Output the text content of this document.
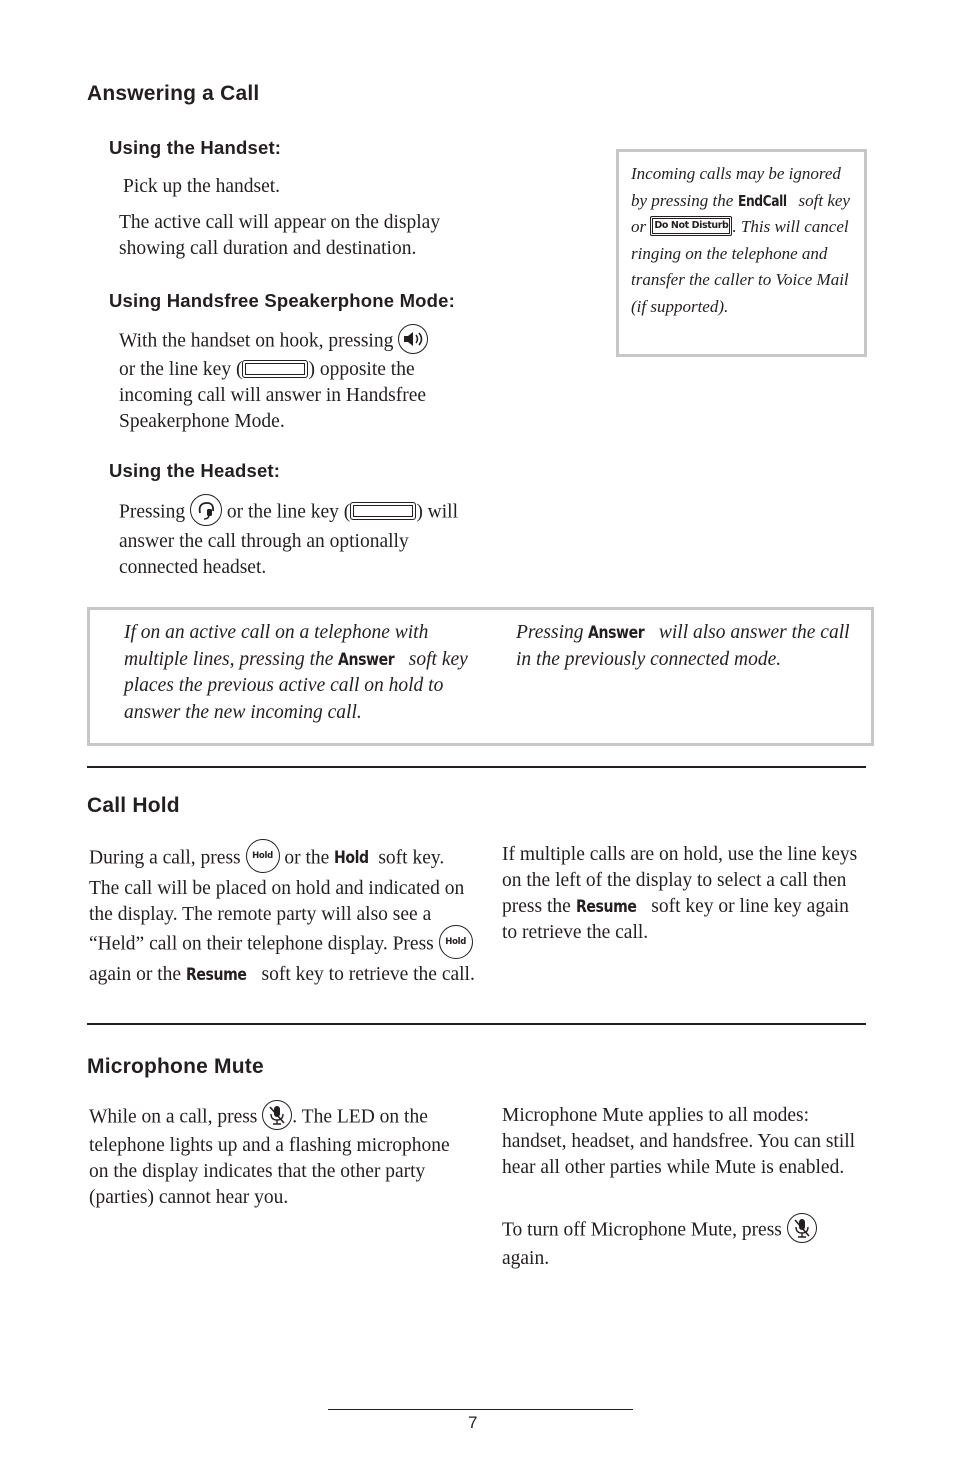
Answering a Call
Using the Handset:

Pick up the handset.

The active call will appear on the display showing call duration and destination.

Using Handsfree Speakerphone Mode:

With the handset on hook, pressing

or the line key (	) opposite the incoming call will answer in Handsfree Speakerphone Mode.

Using the Headset:

Pressing or the line key (	) will answer the call through an optionally connected headset.

Incoming calls may be ignored by pressing the EndCall soft key or Do Not Disturb . This will cancel ringing on the telephone and transfer the caller to Voice Mail (if supported).

If on an active call on a telephone with multiple lines, pressing the Answer soft key places the previous active call on hold to answer the new incoming call.

Pressing Answer will also answer the call in the previously connected mode.

Call Hold

During a call, press Hold or the Hold soft key. The call will be placed on hold and indicated on the display. The remote party will also see a “Held” call on their telephone display. Press Hold
again or the Resume soft key to retrieve the call.

If multiple calls are on hold, use the line keys on the left of the display to select a call then press the Resume soft key or line key again to retrieve the call.

Microphone Mute

While on a call, press . The LED on the telephone lights up and a flashing microphone on the display indicates that the other party (parties) cannot hear you.

Microphone Mute applies to all modes: handset, headset, and handsfree. You can still hear all other parties while Mute is enabled.

To turn off Microphone Mute, press

again.

7
